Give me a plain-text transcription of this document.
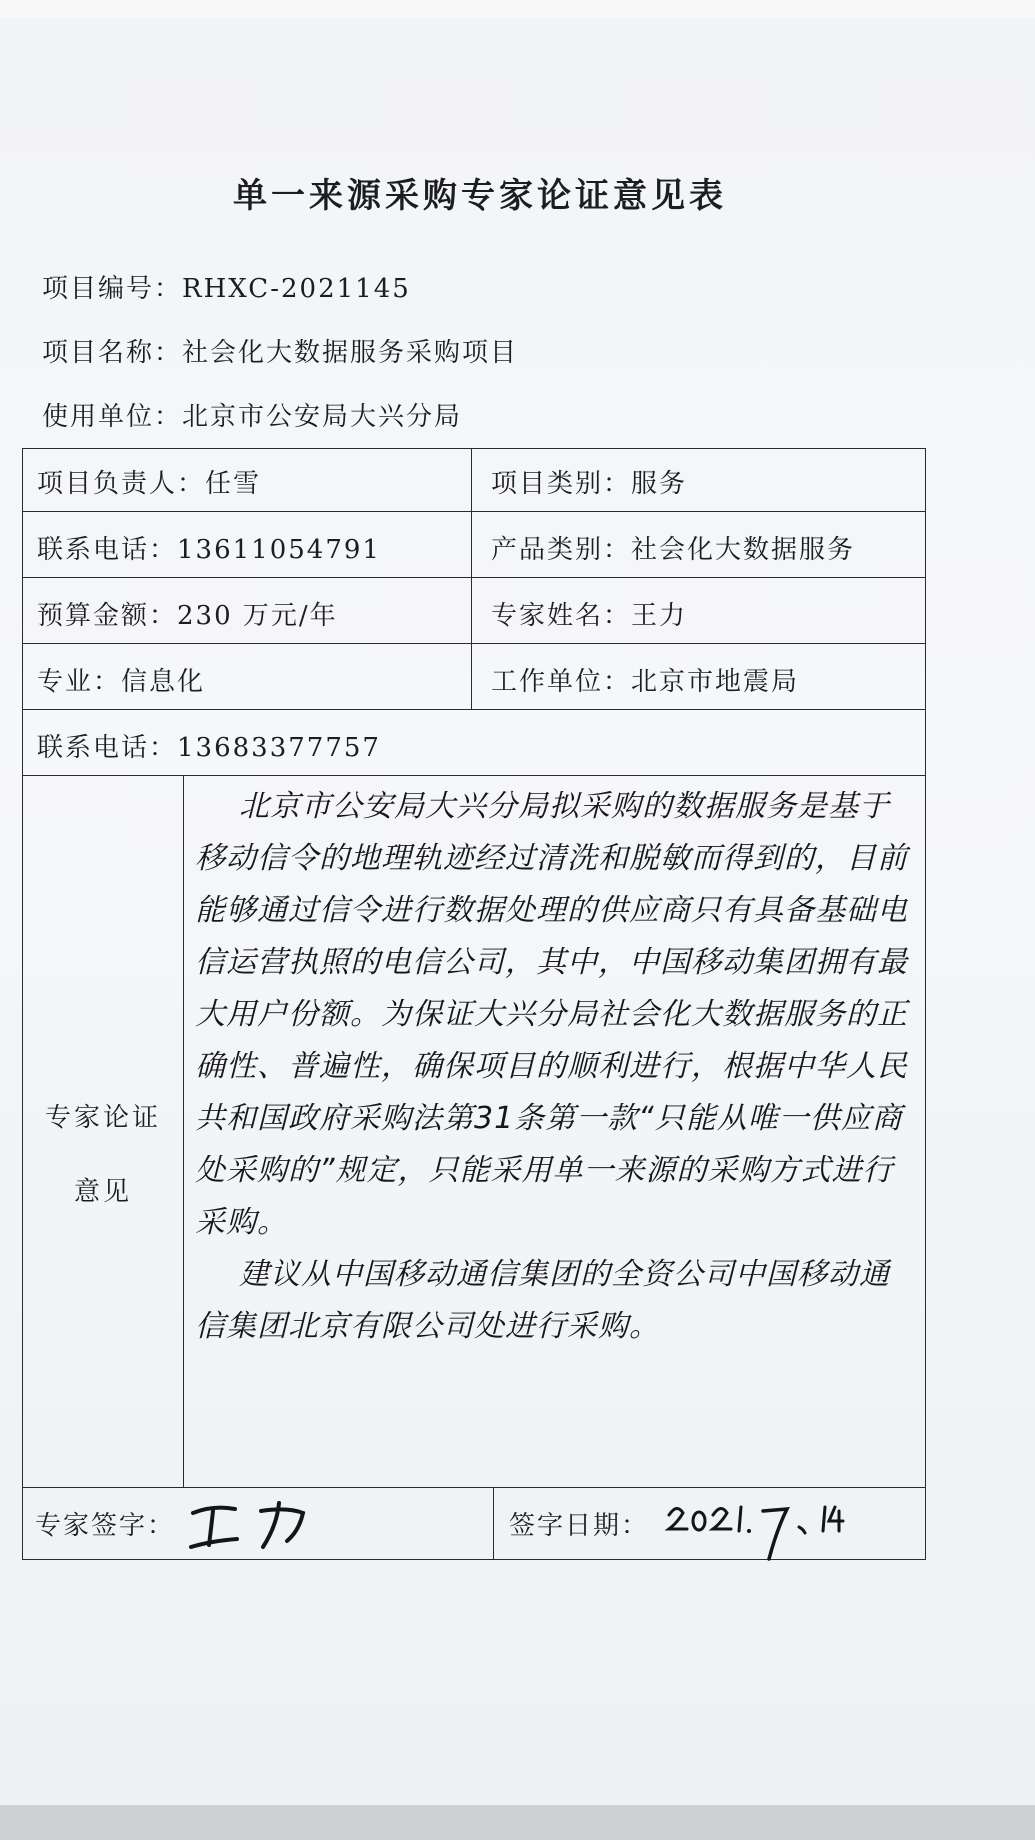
单一来源采购专家论证意见表
项目编号：RHXC-2021145
项目名称：社会化大数据服务采购项目
使用单位：北京市公安局大兴分局
项目负责人：任雪	项目类别：服务
联系电话：13611054791	产品类别：社会化大数据服务
预算金额：230 万元/年	专家姓名：王力
专业：信息化	工作单位：北京市地震局
联系电话：13683377757
专家论证
意见

北京市公安局大兴分局拟采购的数据服务是基于移动信令的地理轨迹经过清洗和脱敏而得到的，目前能够通过信令进行数据处理的供应商只有具备基础电信运营执照的电信公司，其中，中国移动集团拥有最大用户份额。为保证大兴分局社会化大数据服务的正确性、普遍性，确保项目的顺利进行，根据中华人民共和国政府采购法第31条第一款“只能从唯一供应商处采购的”规定，只能采用单一来源的采购方式进行采购。

建议从中国移动通信集团的全资公司中国移动通信集团北京有限公司处进行采购。

专家签字：	签字日期：
